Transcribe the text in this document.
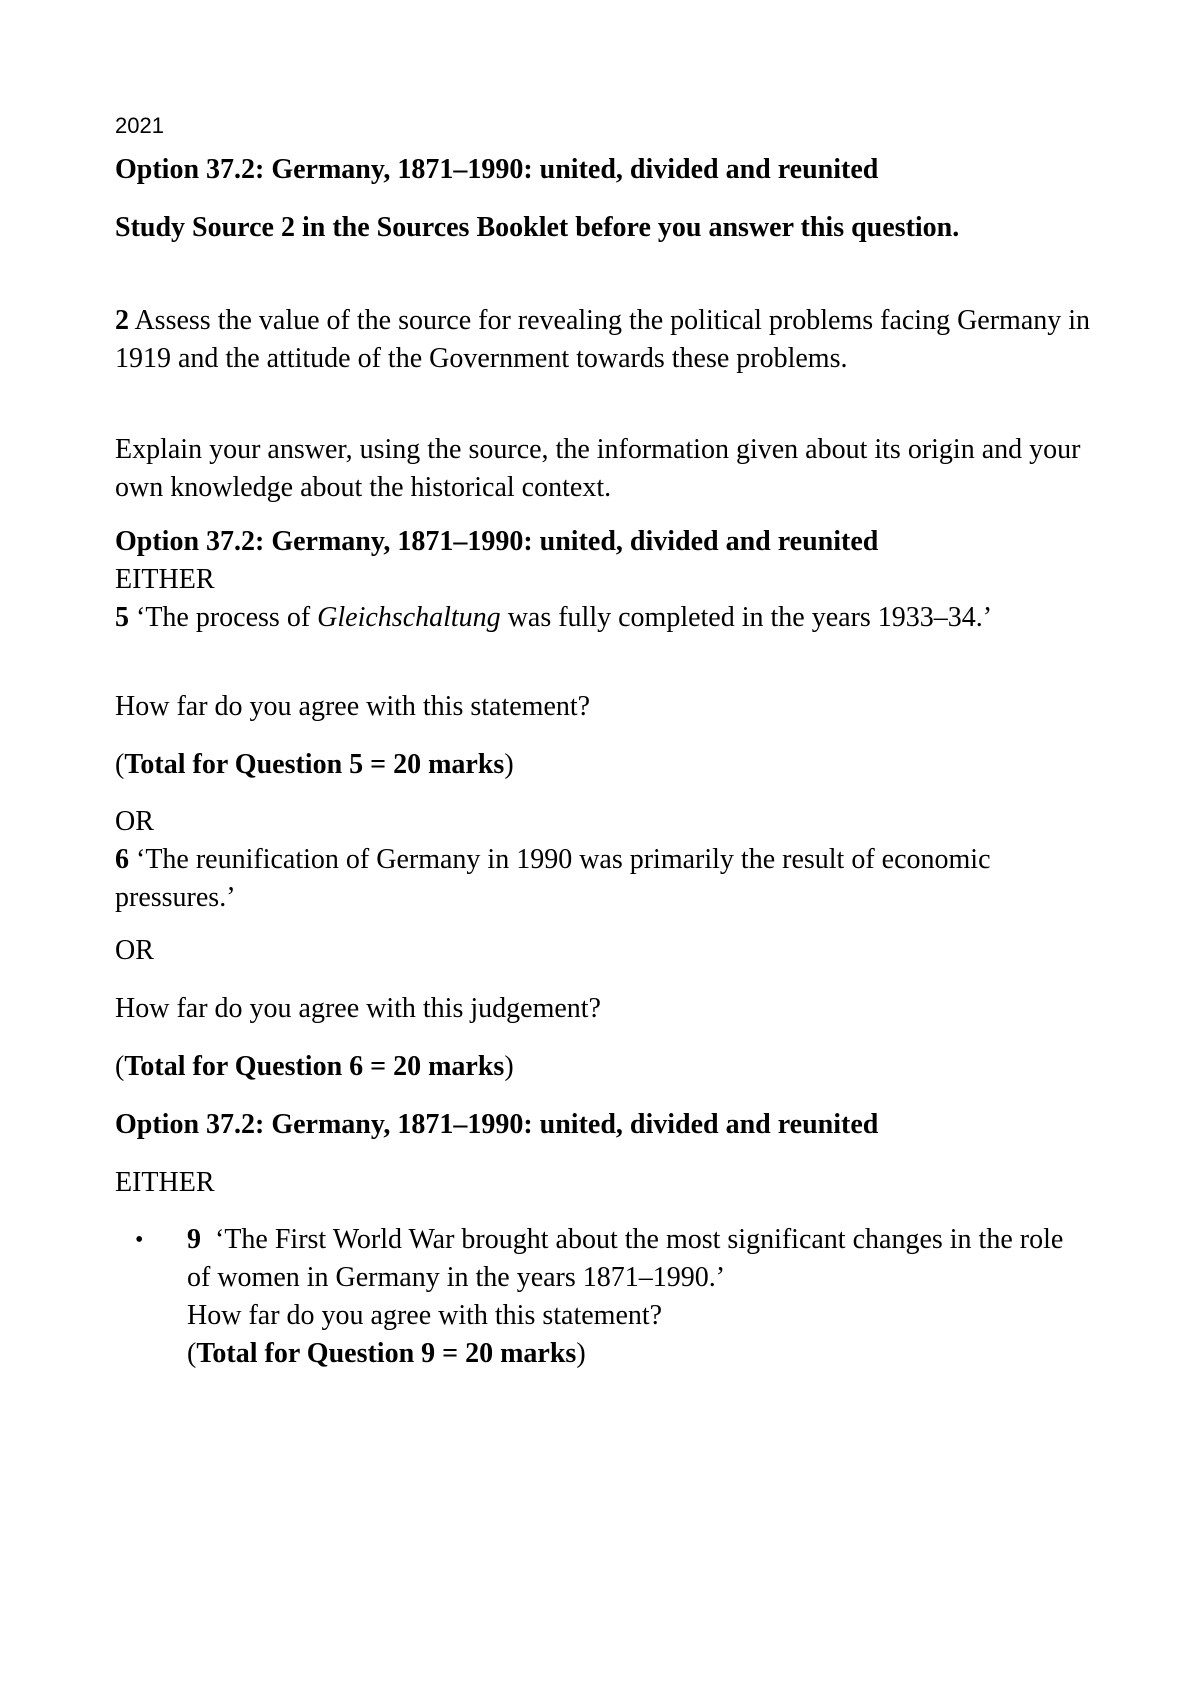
2021

Option 37.2: Germany, 1871–1990: united, divided and reunited

Study Source 2 in the Sources Booklet before you answer this question.

2 Assess the value of the source for revealing the political problems facing Germany in 1919 and the attitude of the Government towards these problems.

Explain your answer, using the source, the information given about its origin and your own knowledge about the historical context.

Option 37.2: Germany, 1871–1990: united, divided and reunited
EITHER
5 ‘The process of Gleichschaltung was fully completed in the years 1933–34.’

How far do you agree with this statement?

(Total for Question 5 = 20 marks)

OR
6 ‘The reunification of Germany in 1990 was primarily the result of economic pressures.’

OR

How far do you agree with this judgement?

(Total for Question 6 = 20 marks)

Option 37.2: Germany, 1871–1990: united, divided and reunited

EITHER

• 9  ‘The First World War brought about the most significant changes in the role of women in Germany in the years 1871–1990.’
How far do you agree with this statement?
(Total for Question 9 = 20 marks)
